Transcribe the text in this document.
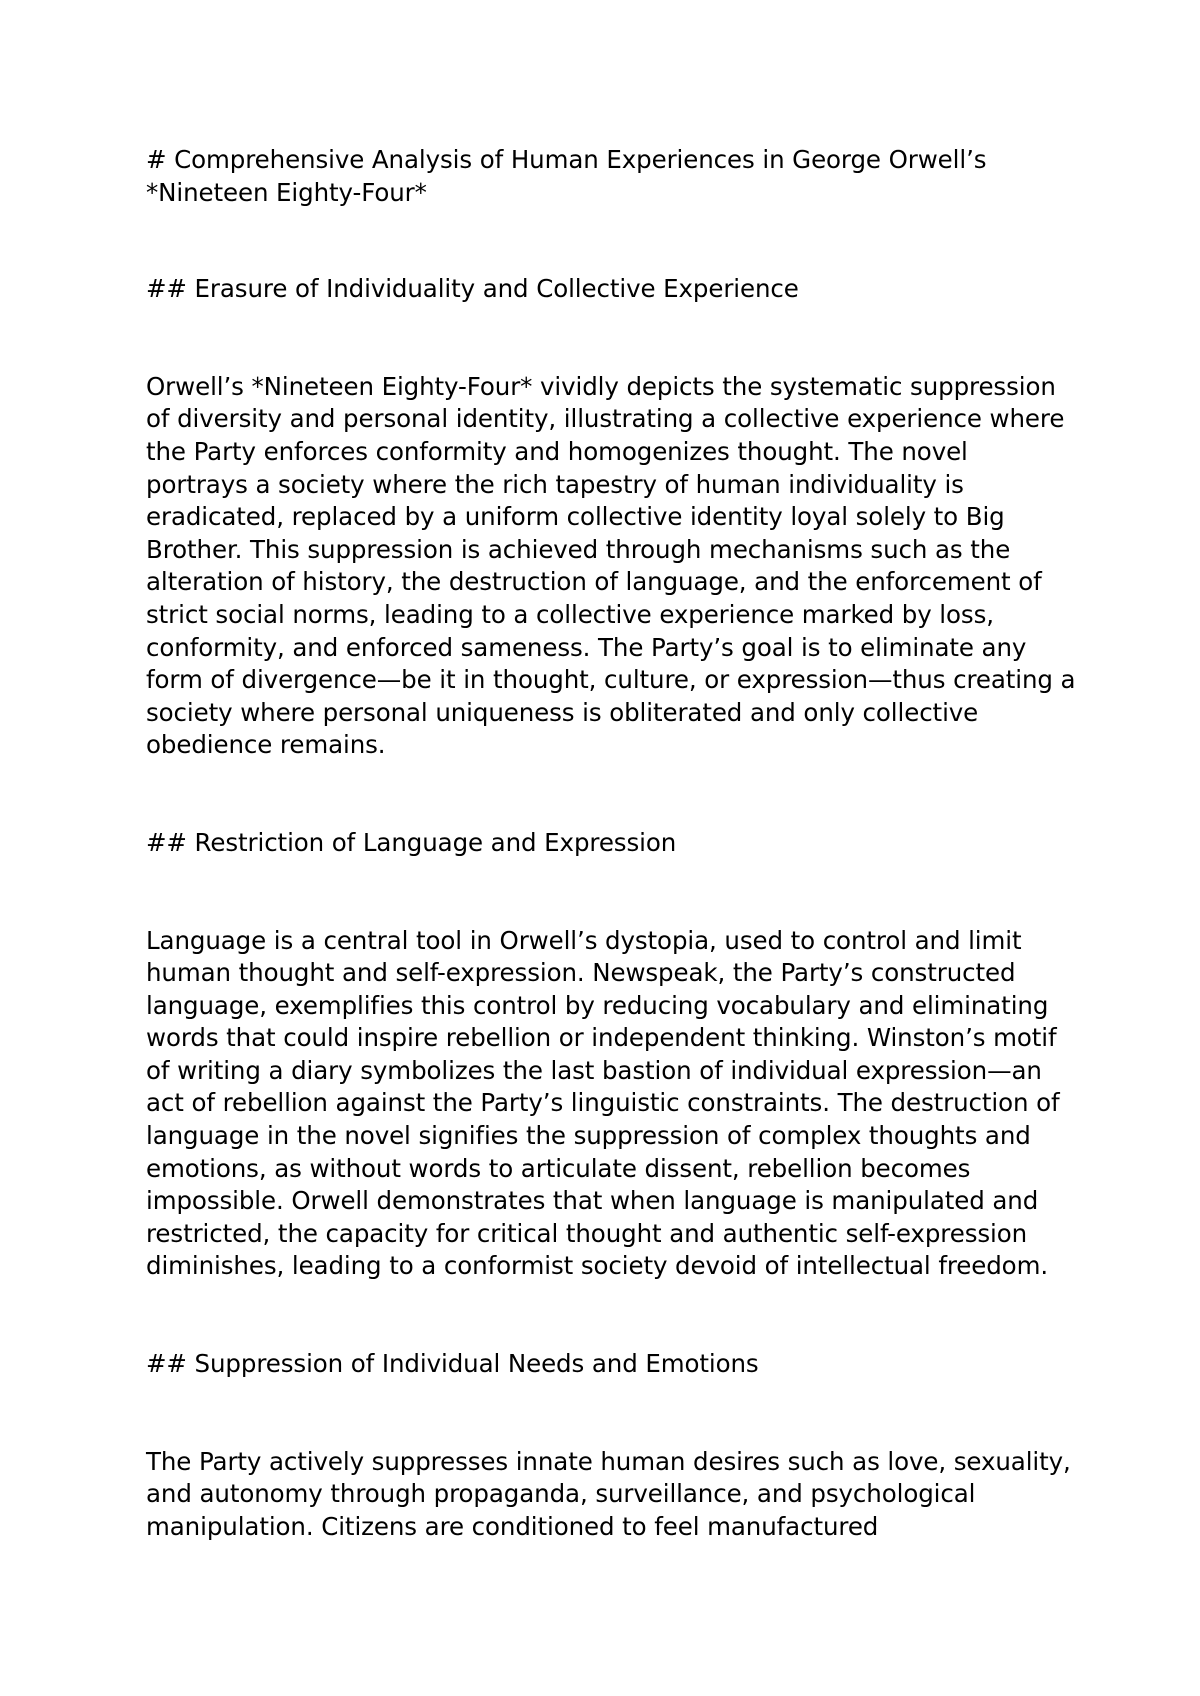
# Comprehensive Analysis of Human Experiences in George Orwell’s *Nineteen Eighty-Four*

## Erasure of Individuality and Collective Experience

Orwell’s *Nineteen Eighty-Four* vividly depicts the systematic suppression of diversity and personal identity, illustrating a collective experience where the Party enforces conformity and homogenizes thought. The novel portrays a society where the rich tapestry of human individuality is eradicated, replaced by a uniform collective identity loyal solely to Big Brother. This suppression is achieved through mechanisms such as the alteration of history, the destruction of language, and the enforcement of strict social norms, leading to a collective experience marked by loss, conformity, and enforced sameness. The Party’s goal is to eliminate any form of divergence—be it in thought, culture, or expression—thus creating a society where personal uniqueness is obliterated and only collective obedience remains.

## Restriction of Language and Expression

Language is a central tool in Orwell’s dystopia, used to control and limit human thought and self-expression. Newspeak, the Party’s constructed language, exemplifies this control by reducing vocabulary and eliminating words that could inspire rebellion or independent thinking. Winston’s motif of writing a diary symbolizes the last bastion of individual expression—an act of rebellion against the Party’s linguistic constraints. The destruction of language in the novel signifies the suppression of complex thoughts and emotions, as without words to articulate dissent, rebellion becomes impossible. Orwell demonstrates that when language is manipulated and restricted, the capacity for critical thought and authentic self-expression diminishes, leading to a conformist society devoid of intellectual freedom.

## Suppression of Individual Needs and Emotions

The Party actively suppresses innate human desires such as love, sexuality, and autonomy through propaganda, surveillance, and psychological manipulation. Citizens are conditioned to feel manufactured
